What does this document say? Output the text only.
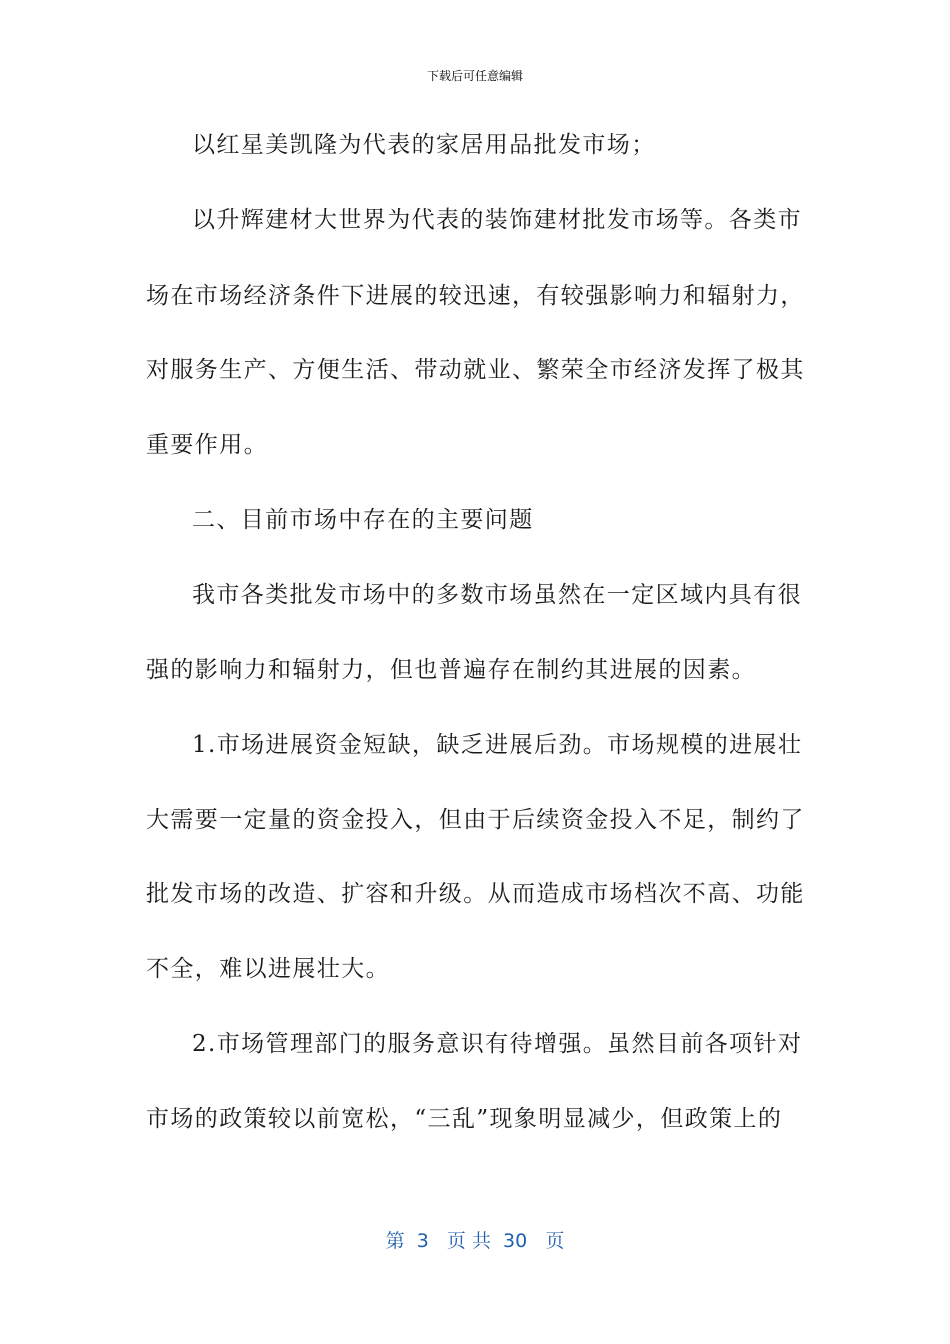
下载后可任意编辑
以红星美凯隆为代表的家居用品批发市场；
以升辉建材大世界为代表的装饰建材批发市场等。各类市
场在市场经济条件下进展的较迅速，有较强影响力和辐射力，
对服务生产、方便生活、带动就业、繁荣全市经济发挥了极其
重要作用。
二、目前市场中存在的主要问题
我市各类批发市场中的多数市场虽然在一定区域内具有很
强的影响力和辐射力，但也普遍存在制约其进展的因素。
1.市场进展资金短缺，缺乏进展后劲。市场规模的进展壮
大需要一定量的资金投入，但由于后续资金投入不足，制约了
批发市场的改造、扩容和升级。从而造成市场档次不高、功能
不全，难以进展壮大。
2.市场管理部门的服务意识有待增强。虽然目前各项针对
市场的政策较以前宽松，“三乱”现象明显减少，但政策上的
第  3   页 共  30   页
